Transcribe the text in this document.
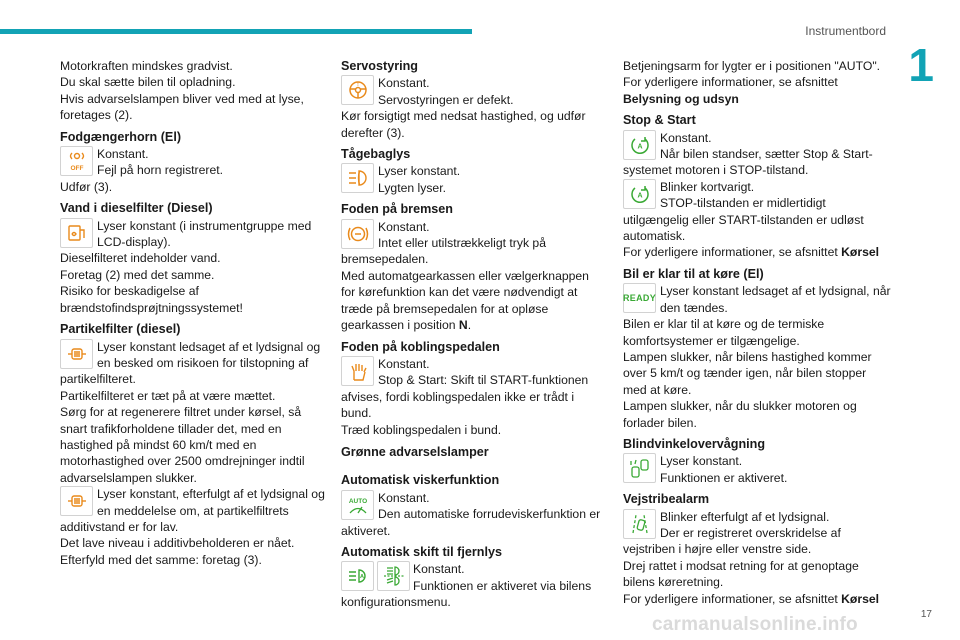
Instrumentbord
1

Motorkraften mindskes gradvist.

Du skal sætte bilen til opladning.

Hvis advarselslampen bliver ved med at lyse, foretages (2).

Fodgængerhorn (El)
OFF

Konstant.

Fejl på horn registreret.

Udfør (3).

Vand i dieselfilter (Diesel)

Lyser konstant (i instrumentgruppe med LCD-display).

Dieselfilteret indeholder vand.

Foretag (2) med det samme.

Risiko for beskadigelse af brændstofindsprøjtningssystemet!

Partikelfilter (diesel)

Lyser konstant ledsaget af et lydsignal og en besked om risikoen for tilstopning af

partikelfilteret.

Partikelfilteret er tæt på at være mættet.

Sørg for at regenerere filtret under kørsel, så snart trafikforholdene tillader det, med en hastighed på mindst 60 km/t med en motorhastighed over 2500 omdrejninger indtil advarselslampen slukker.

Lyser konstant, efterfulgt af et lydsignal og en meddelelse om, at partikelfiltrets

additivstand er for lav.

Det lave niveau i additivbeholderen er nået.

Efterfyld med det samme: foretag (3).

Servostyring
! Konstant.

Servostyringen er defekt.

Kør forsigtigt med nedsat hastighed, og udfør derefter (3).

Tågebaglys

Lyser konstant.

Lygten lyser.

Foden på bremsen

Konstant.

Intet eller utilstrækkeligt tryk på

bremsepedalen.

Med automatgearkassen eller vælgerknappen for kørefunktion kan det være nødvendigt at træde på bremsepedalen for at opløse gearkassen i position N.

Foden på koblingspedalen

Konstant.

Stop & Start: Skift til START-funktionen

afvises, fordi koblingspedalen ikke er trådt i bund.

Træd koblingspedalen i bund.

Grønne advarselslamper
Automatisk viskerfunktion
AUTO Konstant.

Den automatiske forrudeviskerfunktion er

aktiveret.

Automatisk skift til fjernlys
A

Konstant.

Funktionen er aktiveret via bilens

konfigurationsmenu.

Betjeningsarm for lygter er i positionen "AUTO".

For yderligere informationer, se afsnittet

Belysning og udsyn

Stop & Start
A

Konstant.

Når bilen standser, sætter Stop & Start-

systemet motoren i STOP-tilstand.

A

Blinker kortvarigt.

STOP-tilstanden er midlertidigt

utilgængelig eller START-tilstanden er udløst automatisk.

For yderligere informationer, se afsnittet Kørsel

Bil er klar til at køre (El)
READY Lyser konstant ledsaget af et lydsignal, når den tændes.

Bilen er klar til at køre og de termiske komfortsystemer er tilgængelige.

Lampen slukker, når bilens hastighed kommer over 5 km/t og tænder igen, når bilen stopper med at køre.

Lampen slukker, når du slukker motoren og forlader bilen.

Blindvinkelovervågning

Lyser konstant.

Funktionen er aktiveret.

Vejstribealarm

Blinker efterfulgt af et lydsignal.

Der er registreret overskridelse af

vejstriben i højre eller venstre side.

Drej rattet i modsat retning for at genoptage bilens køreretning.

For yderligere informationer, se afsnittet Kørsel

carmanualsonline.info	17
